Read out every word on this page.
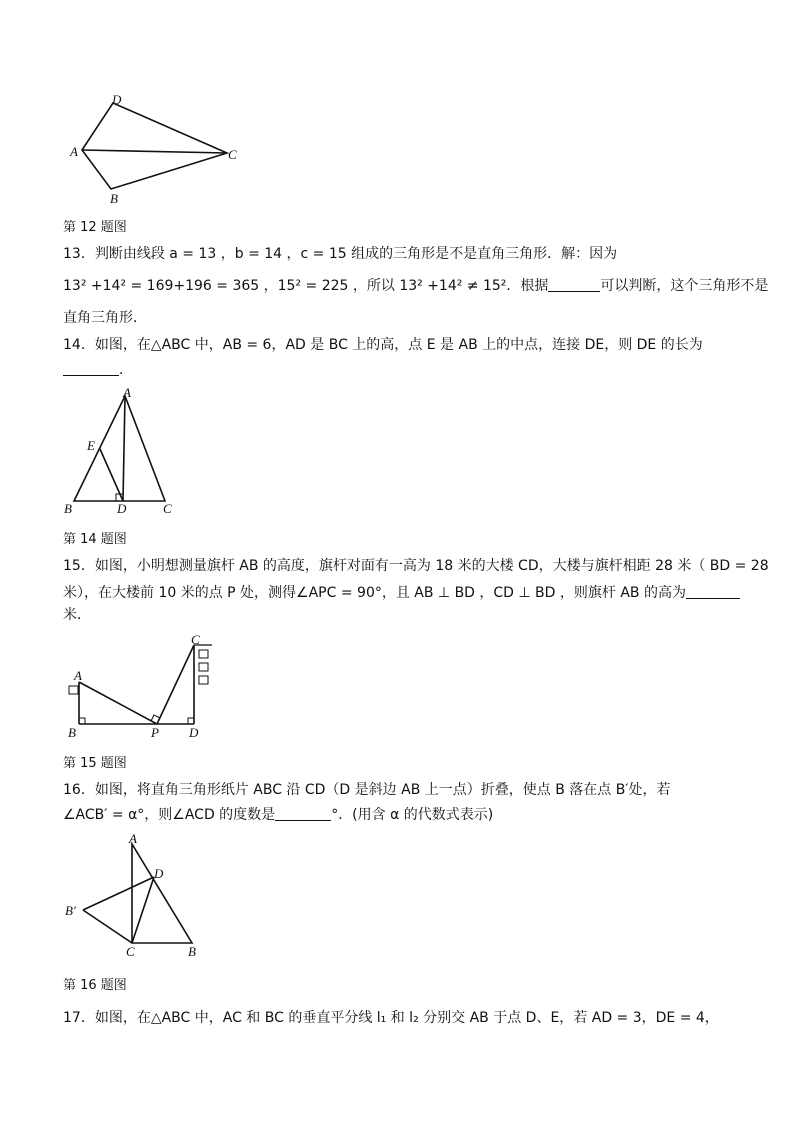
D
A	C
B
第 12 题图
13．判断由线段 a = 13 ，b = 14 ，c = 15 组成的三角形是不是直角三角形．解：因为
13² +14² = 169+196 = 365 ，15² = 225 ，所以 13² +14² ≠ 15²．根据	可以判断，这个三角形不是
直角三角形．
14．如图，在△ABC 中，AB = 6，AD 是 BC 上的高，点 E 是 AB 上的中点，连接 DE，则 DE 的长为
．
A
E
B	D	C
第 14 题图
15．如图，小明想测量旗杆 AB 的高度，旗杆对面有一高为 18 米的大楼 CD，大楼与旗杆相距 28 米（ BD = 28
米），在大楼前 10 米的点 P 处，测得∠APC = 90°，且 AB ⊥ BD ，CD ⊥ BD ，则旗杆 AB 的高为
米．
A
B	P
C
D
第 15 题图
16．如图，将直角三角形纸片 ABC 沿 CD（D 是斜边 AB 上一点）折叠，使点 B 落在点 B′处，若
∠ACB′ = α°，则∠ACD 的度数是	°．(用含 α 的代数式表示)
A
D
B′
C	B
第 16 题图
17．如图，在△ABC 中，AC 和 BC 的垂直平分线 l₁ 和 l₂ 分别交 AB 于点 D、E，若 AD = 3，DE = 4，
